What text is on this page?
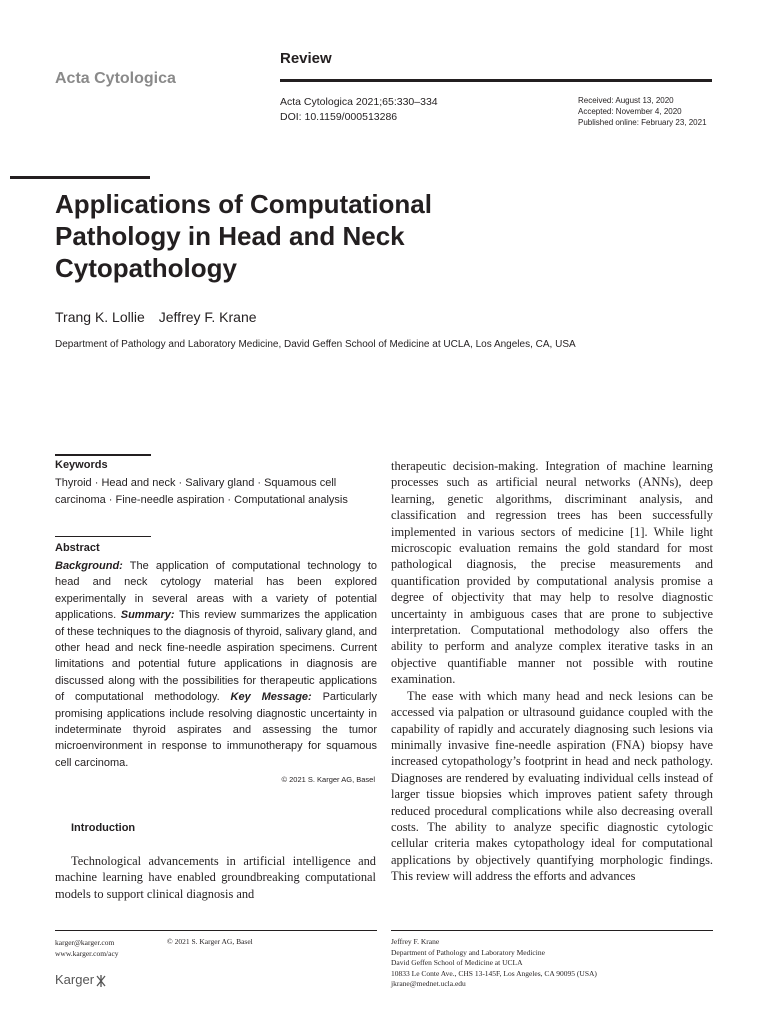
Acta Cytologica
Review
Acta Cytologica 2021;65:330–334
DOI: 10.1159/000513286
Received: August 13, 2020
Accepted: November 4, 2020
Published online: February 23, 2021
Applications of Computational Pathology in Head and Neck Cytopathology
Trang K. Lollie Jeffrey F. Krane
Department of Pathology and Laboratory Medicine, David Geffen School of Medicine at UCLA, Los Angeles, CA, USA
Keywords

Thyroid · Head and neck · Salivary gland · Squamous cell carcinoma · Fine-needle aspiration · Computational analysis

Abstract

Background: The application of computational technology to head and neck cytology material has been explored experimentally in several areas with a variety of potential applications. Summary: This review summarizes the application of these techniques to the diagnosis of thyroid, salivary gland, and other head and neck fine-needle aspiration specimens. Current limitations and potential future applications in diagnosis are discussed along with the possibilities for therapeutic applications of computational methodology. Key Message: Particularly promising applications include resolving diagnostic uncertainty in indeterminate thyroid aspirates and assessing the tumor microenvironment in response to immunotherapy for squamous cell carcinoma.

© 2021 S. Karger AG, Basel
Introduction

Technological advancements in artificial intelligence and machine learning have enabled groundbreaking computational models to support clinical diagnosis and

therapeutic decision-making. Integration of machine learning processes such as artificial neural networks (ANNs), deep learning, genetic algorithms, discriminant analysis, and classification and regression trees has been successfully implemented in various sectors of medicine [1]. While light microscopic evaluation remains the gold standard for most pathological diagnosis, the precise measurements and quantification provided by computational analysis promise a degree of objectivity that may help to resolve diagnostic uncertainty in ambiguous cases that are prone to subjective interpretation. Computational methodology also offers the ability to perform and analyze complex iterative tasks in an objective quantifiable manner not possible with routine examination.

The ease with which many head and neck lesions can be accessed via palpation or ultrasound guidance coupled with the capability of rapidly and accurately diagnosing such lesions via minimally invasive fine-needle aspiration (FNA) biopsy have increased cytopathology’s footprint in head and neck pathology. Diagnoses are rendered by evaluating individual cells instead of larger tissue biopsies which improves patient safety through reduced procedural complications while also decreasing overall costs. The ability to analyze specific diagnostic cytologic cellular criteria makes cytopathology ideal for computational applications by objectively quantifying morphologic findings. This review will address the efforts and advances

karger@karger.com
www.karger.com/acy
© 2021 S. Karger AG, Basel
Karger
Jeffrey F. Krane
Department of Pathology and Laboratory Medicine
David Geffen School of Medicine at UCLA
10833 Le Conte Ave., CHS 13-145F, Los Angeles, CA 90095 (USA)
jkrane@mednet.ucla.edu
